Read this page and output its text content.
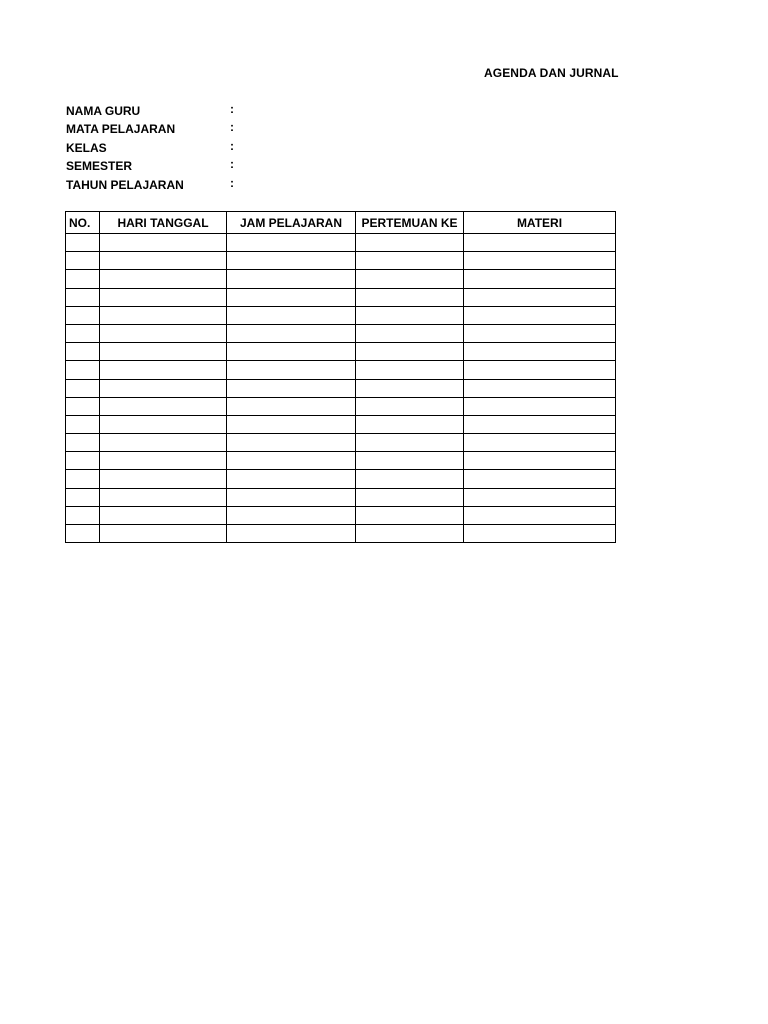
AGENDA DAN JURNAL
NAMA GURU	:
MATA PELAJARAN	:
KELAS	:
SEMESTER	:
TAHUN PELAJARAN	:
NO.	HARI TANGGAL	JAM PELAJARAN	PERTEMUAN KE	MATERI
